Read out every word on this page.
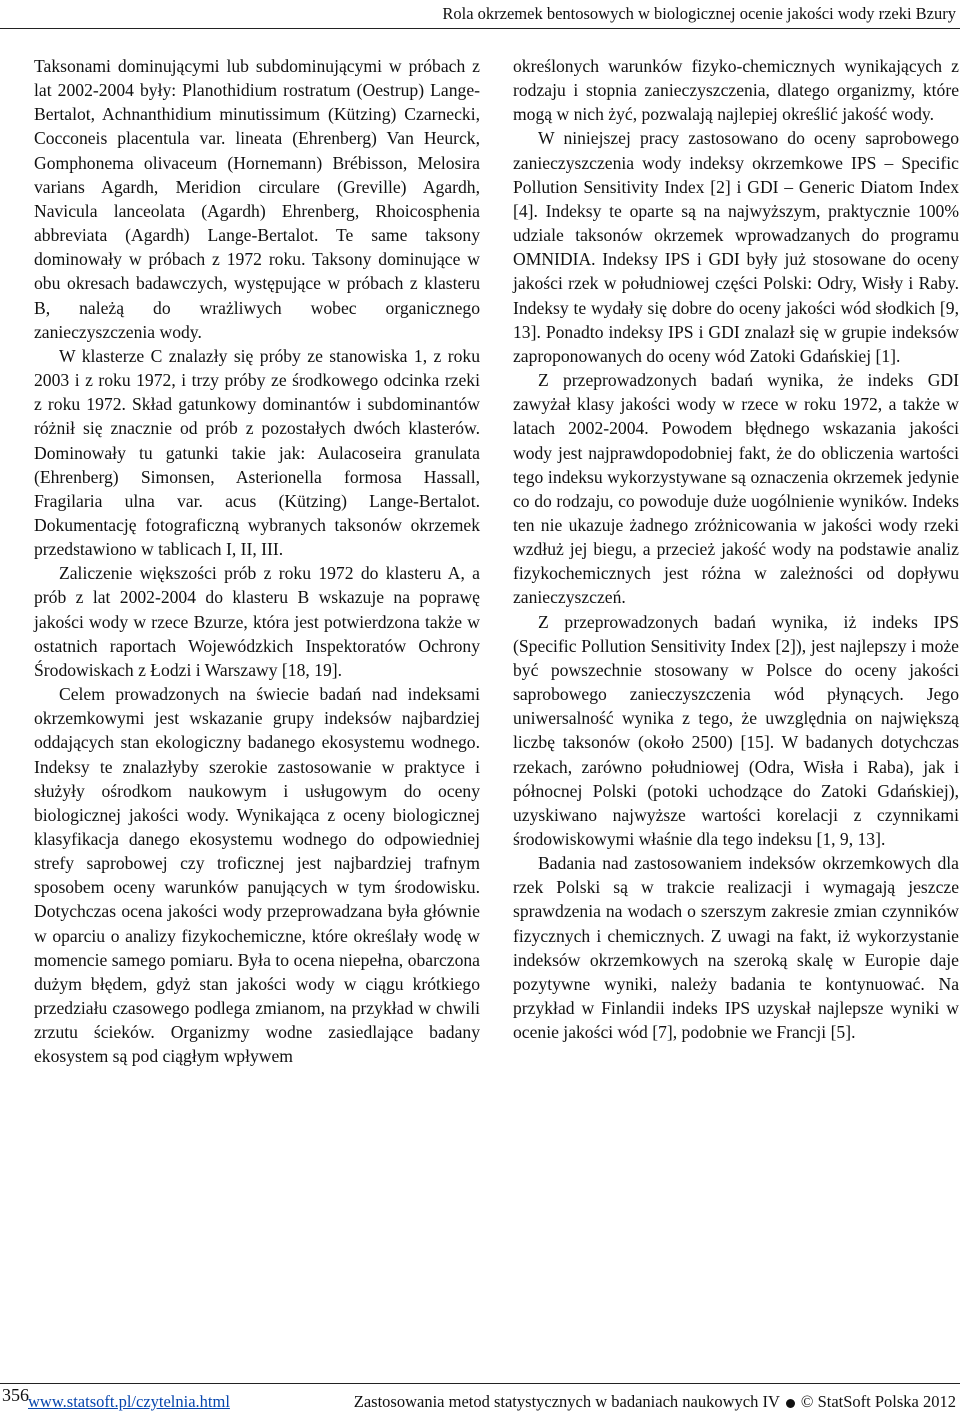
Rola okrzemek bentosowych w biologicznej ocenie jakości wody rzeki Bzury

Taksonami dominującymi lub subdominującymi w próbach z lat 2002-2004 były: Planothidium rostratum (Oestrup) Lange-Bertalot, Achnanthidium minutissimum (Kützing) Czarnecki, Cocconeis placentula var. lineata (Ehrenberg) Van Heurck, Gomphonema olivaceum (Hornemann) Brébisson, Melosira varians Agardh, Meridion circulare (Greville) Agardh, Navicula lanceolata (Agardh) Ehrenberg, Rhoicosphenia abbreviata (Agardh) Lange-Bertalot. Te same taksony dominowały w próbach z 1972 roku. Taksony dominujące w obu okresach badawczych, występujące w próbach z klasteru B, należą do wrażliwych wobec organicznego zanieczyszczenia wody.

W klasterze C znalazły się próby ze stanowiska 1, z roku 2003 i z roku 1972, i trzy próby ze środkowego odcinka rzeki z roku 1972. Skład gatunkowy dominantów i subdominantów różnił się znacznie od prób z pozostałych dwóch klasterów. Dominowały tu gatunki takie jak: Aulacoseira granulata (Ehrenberg) Simonsen, Asterionella formosa Hassall, Fragilaria ulna var. acus (Kützing) Lange-Bertalot. Dokumentację fotograficzną wybranych taksonów okrzemek przedstawiono w tablicach I, II, III.

Zaliczenie większości prób z roku 1972 do klasteru A, a prób z lat 2002-2004 do klasteru B wskazuje na poprawę jakości wody w rzece Bzurze, która jest potwierdzona także w ostatnich raportach Wojewódzkich Inspektoratów Ochrony Środowiskach z Łodzi i Warszawy [18, 19].

Celem prowadzonych na świecie badań nad indeksami okrzemkowymi jest wskazanie grupy indeksów najbardziej oddających stan ekologiczny badanego ekosystemu wodnego. Indeksy te znalazłyby szerokie zastosowanie w praktyce i służyły ośrodkom naukowym i usługowym do oceny biologicznej jakości wody. Wynikająca z oceny biologicznej klasyfikacja danego ekosystemu wodnego do odpowiedniej strefy saprobowej czy troficznej jest najbardziej trafnym sposobem oceny warunków panujących w tym środowisku. Dotychczas ocena jakości wody przeprowadzana była głównie w oparciu o analizy fizykochemiczne, które określały wodę w momencie samego pomiaru. Była to ocena niepełna, obarczona dużym błędem, gdyż stan jakości wody w ciągu krótkiego przedziału czasowego podlega zmianom, na przykład w chwili zrzutu ścieków. Organizmy wodne zasiedlające badany ekosystem są pod ciągłym wpływem

określonych warunków fizyko-chemicznych wynikających z rodzaju i stopnia zanieczyszczenia, dlatego organizmy, które mogą w nich żyć, pozwalają najlepiej określić jakość wody.

W niniejszej pracy zastosowano do oceny saprobowego zanieczyszczenia wody indeksy okrzemkowe IPS – Specific Pollution Sensitivity Index [2] i GDI – Generic Diatom Index [4]. Indeksy te oparte są na najwyższym, praktycznie 100% udziale taksonów okrzemek wprowadzanych do programu OMNIDIA. Indeksy IPS i GDI były już stosowane do oceny jakości rzek w południowej części Polski: Odry, Wisły i Raby. Indeksy te wydały się dobre do oceny jakości wód słodkich [9, 13]. Ponadto indeksy IPS i GDI znalazł się w grupie indeksów zaproponowanych do oceny wód Zatoki Gdańskiej [1].

Z przeprowadzonych badań wynika, że indeks GDI zawyżał klasy jakości wody w rzece w roku 1972, a także w latach 2002-2004. Powodem błędnego wskazania jakości wody jest najprawdopodobniej fakt, że do obliczenia wartości tego indeksu wykorzystywane są oznaczenia okrzemek jedynie co do rodzaju, co powoduje duże uogólnienie wyników. Indeks ten nie ukazuje żadnego zróżnicowania w jakości wody rzeki wzdłuż jej biegu, a przecież jakość wody na podstawie analiz fizykochemicznych jest różna w zależności od dopływu zanieczyszczeń.

Z przeprowadzonych badań wynika, iż indeks IPS (Specific Pollution Sensitivity Index [2]), jest najlepszy i może być powszechnie stosowany w Polsce do oceny jakości saprobowego zanieczyszczenia wód płynących. Jego uniwersalność wynika z tego, że uwzględnia on największą liczbę taksonów (około 2500) [15]. W badanych dotychczas rzekach, zarówno południowej (Odra, Wisła i Raba), jak i północnej Polski (potoki uchodzące do Zatoki Gdańskiej), uzyskiwano najwyższe wartości korelacji z czynnikami środowiskowymi właśnie dla tego indeksu [1, 9, 13].

Badania nad zastosowaniem indeksów okrzemkowych dla rzek Polski są w trakcie realizacji i wymagają jeszcze sprawdzenia na wodach o szerszym zakresie zmian czynników fizycznych i chemicznych. Z uwagi na fakt, iż wykorzystanie indeksów okrzemkowych na szeroką skalę w Europie daje pozytywne wyniki, należy badania te kontynuować. Na przykład w Finlandii indeks IPS uzyskał najlepsze wyniki w ocenie jakości wód [7], podobnie we Francji [5].

356 www.statsoft.pl/czytelnia.html	Zastosowania metod statystycznych w badaniach naukowych IV © StatSoft Polska 2012
